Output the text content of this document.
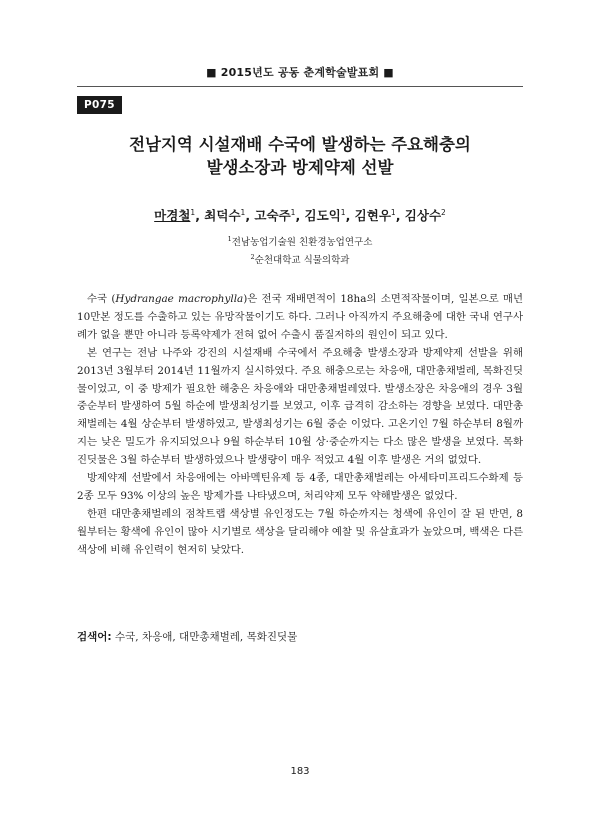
■ 2015년도 공동 춘계학술발표회 ■
P075
전남지역 시설재배 수국에 발생하는 주요해충의
발생소장과 방제약제 선발
마경철$^1$, 최덕수$^1$, 고숙주$^1$, 김도익$^1$, 김현우$^1$, 김상수$^2$
$^1$전남농업기술원 친환경농업연구소
$^2$순천대학교 식물의학과

수국 (Hydrangae macrophylla)은 전국 재배면적이 18ha의 소면적작물이며, 일본으로 매년 10만본 정도를 수출하고 있는 유망작물이기도 하다. 그러나 아직까지 주요해충에 대한 국내 연구사례가 없을 뿐만 아니라 등록약제가 전혀 없어 수출시 품질저하의 원인이 되고 있다.

본 연구는 전남 나주와 강진의 시설재배 수국에서 주요해충 발생소장과 방제약제 선발을 위해 2013년 3월부터 2014년 11월까지 실시하였다. 주요 해충으로는 차응애, 대만총채벌레, 목화진딧물이었고, 이 중 방제가 필요한 해충은 차응애와 대만총채벌레였다. 발생소장은 차응애의 경우 3월 중순부터 발생하여 5월 하순에 발생최성기를 보였고, 이후 급격히 감소하는 경향을 보였다. 대만총채벌레는 4월 상순부터 발생하였고, 발생최성기는 6월 중순 이었다. 고온기인 7월 하순부터 8월까지는 낮은 밀도가 유지되었으나 9월 하순부터 10월 상·중순까지는 다소 많은 발생을 보였다. 목화진딧물은 3월 하순부터 발생하였으나 발생량이 매우 적었고 4월 이후 발생은 거의 없었다.

방제약제 선발에서 차응애에는 아바멕틴유제 등 4종, 대만총채벌레는 아세타미프리드수화제 등 2종 모두 93% 이상의 높은 방제가를 나타냈으며, 처리약제 모두 약해발생은 없었다.

한편 대만총채벌레의 점착트랩 색상별 유인정도는 7월 하순까지는 청색에 유인이 잘 된 반면, 8월부터는 황색에 유인이 많아 시기별로 색상을 달리해야 예찰 및 유살효과가 높았으며, 백색은 다른 색상에 비해 유인력이 현저히 낮았다.

검색어: 수국, 차응애, 대만총채벌레, 목화진딧물
183
